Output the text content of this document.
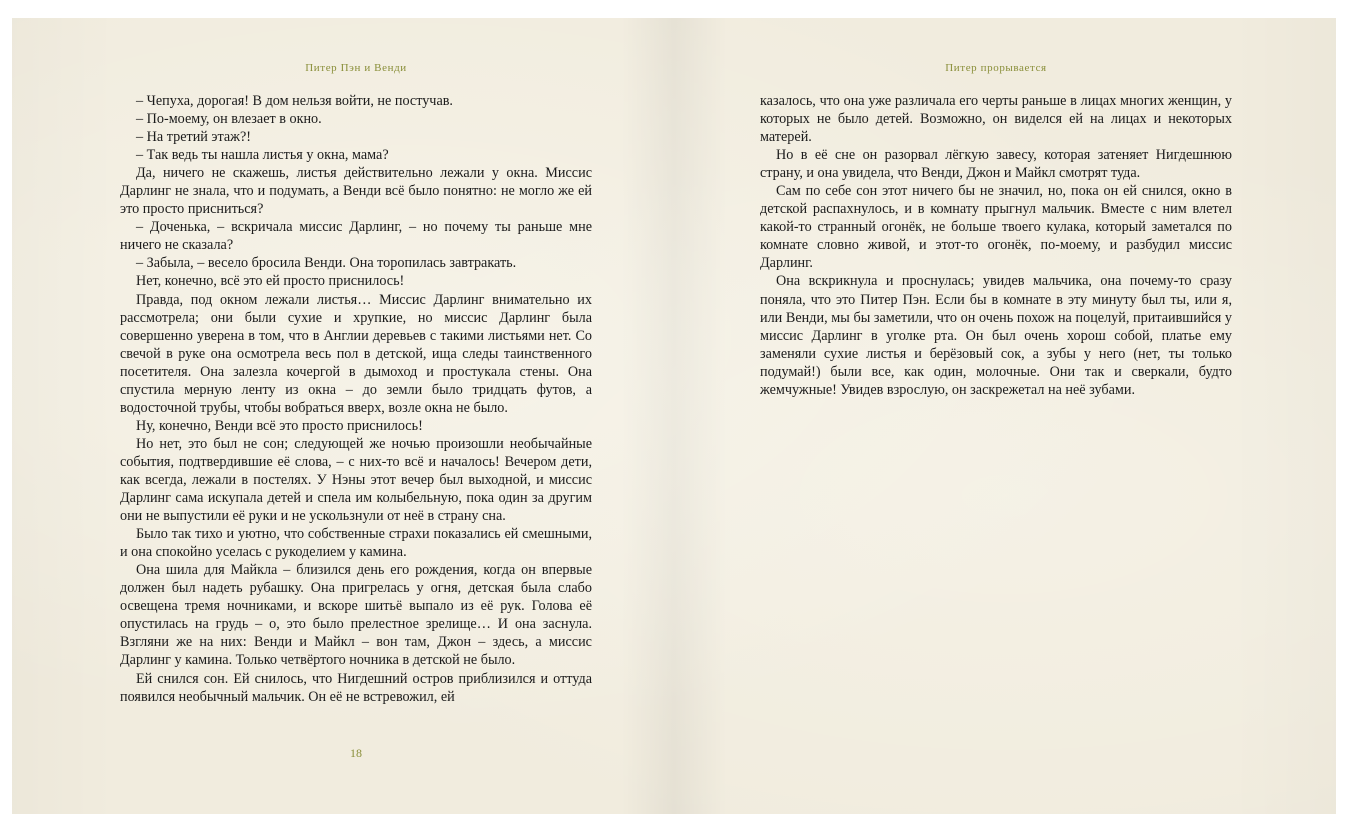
Питер Пэн и Венди

– Чепуха, дорогая! В дом нельзя войти, не постучав.

– По-моему, он влезает в окно.

– На третий этаж?!

– Так ведь ты нашла листья у окна, мама?

Да, ничего не скажешь, листья действительно лежали у окна. Миссис Дарлинг не знала, что и подумать, а Венди всё было понятно: не могло же ей это просто присниться?

– Доченька, – вскричала миссис Дарлинг, – но почему ты раньше мне ничего не сказала?

– Забыла, – весело бросила Венди. Она торопилась завтракать.

Нет, конечно, всё это ей просто приснилось!

Правда, под окном лежали листья… Миссис Дарлинг внимательно их рассмотрела; они были сухие и хрупкие, но миссис Дарлинг была совершенно уверена в том, что в Англии деревьев с такими листьями нет. Со свечой в руке она осмотрела весь пол в детской, ища следы таинственного посетителя. Она залезла кочергой в дымоход и простукала стены. Она спустила мерную ленту из окна – до земли было тридцать футов, а водосточной трубы, чтобы вобраться вверх, возле окна не было.

Ну, конечно, Венди всё это просто приснилось!

Но нет, это был не сон; следующей же ночью произошли необычайные события, подтвердившие её слова, – с них-то всё и началось! Вечером дети, как всегда, лежали в постелях. У Нэны этот вечер был выходной, и миссис Дарлинг сама искупала детей и спела им колыбельную, пока один за другим они не выпустили её руки и не ускользнули от неё в страну сна.

Было так тихо и уютно, что собственные страхи показались ей смешными, и она спокойно уселась с рукоделием у камина.

Она шила для Майкла – близился день его рождения, когда он впервые должен был надеть рубашку. Она пригрелась у огня, детская была слабо освещена тремя ночниками, и вскоре шитьё выпало из её рук. Голова её опустилась на грудь – о, это было прелестное зрелище… И она заснула. Взгляни же на них: Венди и Майкл – вон там, Джон – здесь, а миссис Дарлинг у камина. Только четвёртого ночника в детской не было.

Ей снился сон. Ей снилось, что Нигдешний остров приблизился и оттуда появился необычный мальчик. Он её не встревожил, ей

18
Питер прорывается

казалось, что она уже различала его черты раньше в лицах многих женщин, у которых не было детей. Возможно, он виделся ей на лицах и некоторых матерей.

Но в её сне он разорвал лёгкую завесу, которая затеняет Нигдешнюю страну, и она увидела, что Венди, Джон и Майкл смотрят туда.

Сам по себе сон этот ничего бы не значил, но, пока он ей снился, окно в детской распахнулось, и в комнату прыгнул мальчик. Вместе с ним влетел какой-то странный огонёк, не больше твоего кулака, который заметался по комнате словно живой, и этот-то огонёк, по-моему, и разбудил миссис Дарлинг.

Она вскрикнула и проснулась; увидев мальчика, она почему-то сразу поняла, что это Питер Пэн. Если бы в комнате в эту минуту был ты, или я, или Венди, мы бы заметили, что он очень похож на поцелуй, притаившийся у миссис Дарлинг в уголке рта. Он был очень хорош собой, платье ему заменяли сухие листья и берёзовый сок, а зубы у него (нет, ты только подумай!) были все, как один, молочные. Они так и сверкали, будто жемчужные! Увидев взрослую, он заскрежетал на неё зубами.
